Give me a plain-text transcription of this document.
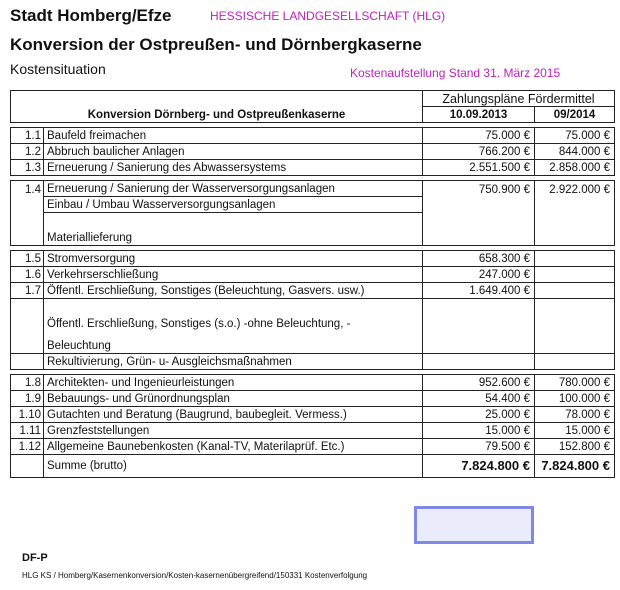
Stadt Homberg/Efze	HESSISCHE LANDGESELLSCHAFT (HLG)
Konversion der Ostpreußen- und Dörnbergkaserne
Kostensituation	Kostenaufstellung Stand 31. März 2015
		Zahlungspläne Fördermittel	
Konversion Dörnberg- und Ostpreußenkaserne		10.09.2013	09/2014

1.1	Baufeld freimachen	75.000 €	75.000 €
1.2	Abbruch baulicher Anlagen	766.200 €	844.000 €
1.3	Erneuerung / Sanierung des Abwassersystems	2.551.500 €	2.858.000 €

1.4	Erneuerung / Sanierung der Wasserversorgungsanlagen	750.900 €	2.922.000 €
	Einbau / Umbau Wasserversorgungsanlagen		
	Materiallieferung		

1.5	Stromversorgung	658.300 €	
1.6	Verkehrserschließung	247.000 €	
1.7	Öffentl. Erschließung, Sonstiges (Beleuchtung, Gasvers. usw.)	1.649.400 €	
	Öffentl. Erschließung, Sonstiges (s.o.) -ohne Beleuchtung, -		
	Beleuchtung		
	Rekultivierung, Grün- u- Ausgleichsmaßnahmen		

1.8	Architekten- und Ingenieurleistungen	952.600 €	780.000 €
1.9	Bebauungs- und Grünordnungsplan	54.400 €	100.000 €
1.10	Gutachten und Beratung (Baugrund, baubegleit. Vermess.)	25.000 €	78.000 €
1.11	Grenzfeststellungen	15.000 €	15.000 €
1.12	Allgemeine Baunebenkosten (Kanal-TV, Materilaprüf. Etc.)	79.500 €	152.800 €
	Summe (brutto)	7.824.800 €	7.824.800 €
DF-P
HLG KS / Homberg/Kasernenkonversion/Kosten-kasernenübergreifend/150331 Kostenverfolgung
